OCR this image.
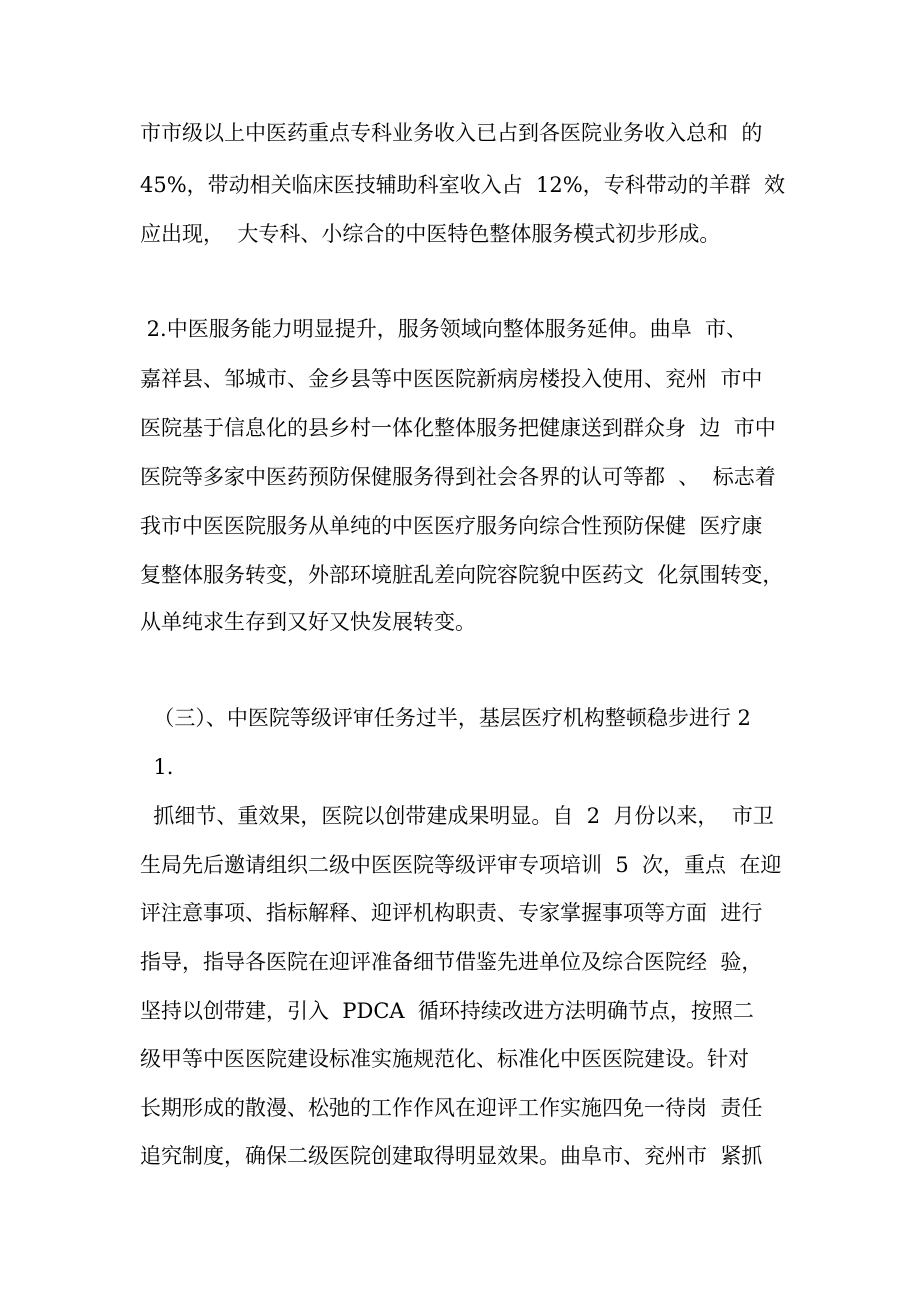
市市级以上中医药重点专科业务收入已占到各医院业务收入总和  的
45%，带动相关临床医技辅助科室收入占  12%，专科带动的羊群  效
应出现，  大专科、小综合的中医特色整体服务模式初步形成。
2.中医服务能力明显提升，服务领域向整体服务延伸。曲阜  市、
嘉祥县、邹城市、金乡县等中医医院新病房楼投入使用、兖州  市中
医院基于信息化的县乡村一体化整体服务把健康送到群众身  边  市中
医院等多家中医药预防保健服务得到社会各界的认可等都  、  标志着
我市中医医院服务从单纯的中医医疗服务向综合性预防保健  医疗康
复整体服务转变，外部环境脏乱差向院容院貌中医药文  化氛围转变，
从单纯求生存到又好又快发展转变。
（三）、中医院等级评审任务过半，基层医疗机构整顿稳步进行 2
1.
抓细节、重效果，医院以创带建成果明显。自  2  月份以来，  市卫
生局先后邀请组织二级中医医院等级评审专项培训  5  次，重点  在迎
评注意事项、指标解释、迎评机构职责、专家掌握事项等方面  进行
指导，指导各医院在迎评准备细节借鉴先进单位及综合医院经  验，
坚持以创带建，引入  PDCA  循环持续改进方法明确节点，按照二
级甲等中医医院建设标准实施规范化、标准化中医医院建设。针对
长期形成的散漫、松弛的工作作风在迎评工作实施四免一待岗  责任
追究制度，确保二级医院创建取得明显效果。曲阜市、兖州市  紧抓
